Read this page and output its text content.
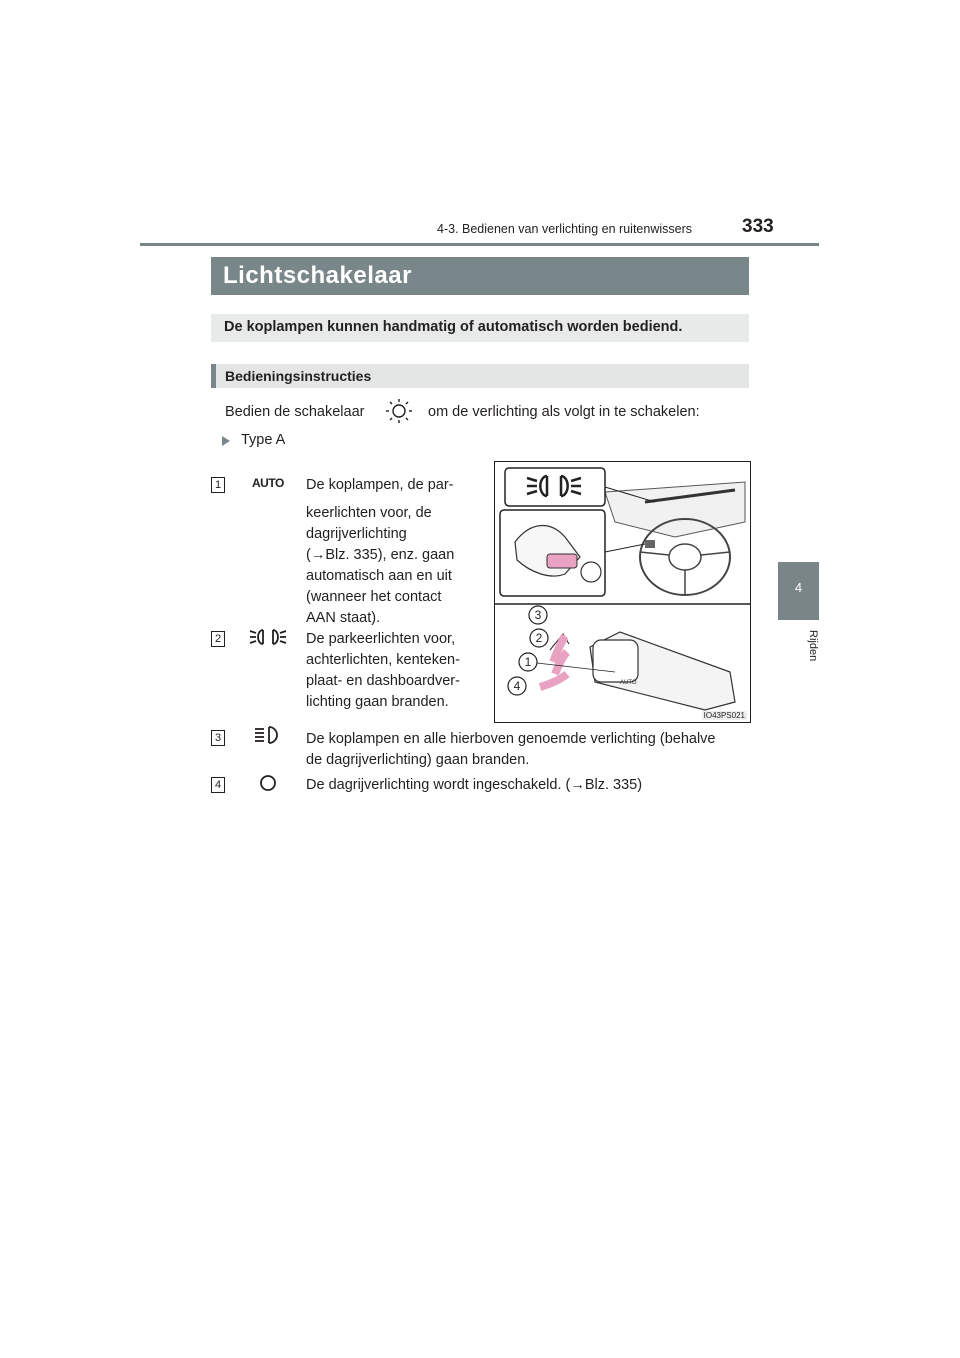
4-3. Bedienen van verlichting en ruitenwissers	333
4
Rijden
Lichtschakelaar
De koplampen kunnen handmatig of automatisch worden bediend.
Bedieningsinstructies
Bedien de schakelaar	om de verlichting als volgt in te schakelen:
Type A
1	AUTO De koplampen, de par-
keerlichten voor, de
dagrijverlichting
(→Blz. 335), enz. gaan
automatisch aan en uit
(wanneer het contact
AAN staat).
2	De parkeerlichten voor,
achterlichten, kenteken-
plaat- en dashboardver-
lichting gaan branden.
3	De koplampen en alle hierboven genoemde verlichting (behalve
de dagrijverlichting) gaan branden.
4	De dagrijverlichting wordt ingeschakeld. (→Blz. 335)
AUTO
3
2
1
4
IO43PS021
